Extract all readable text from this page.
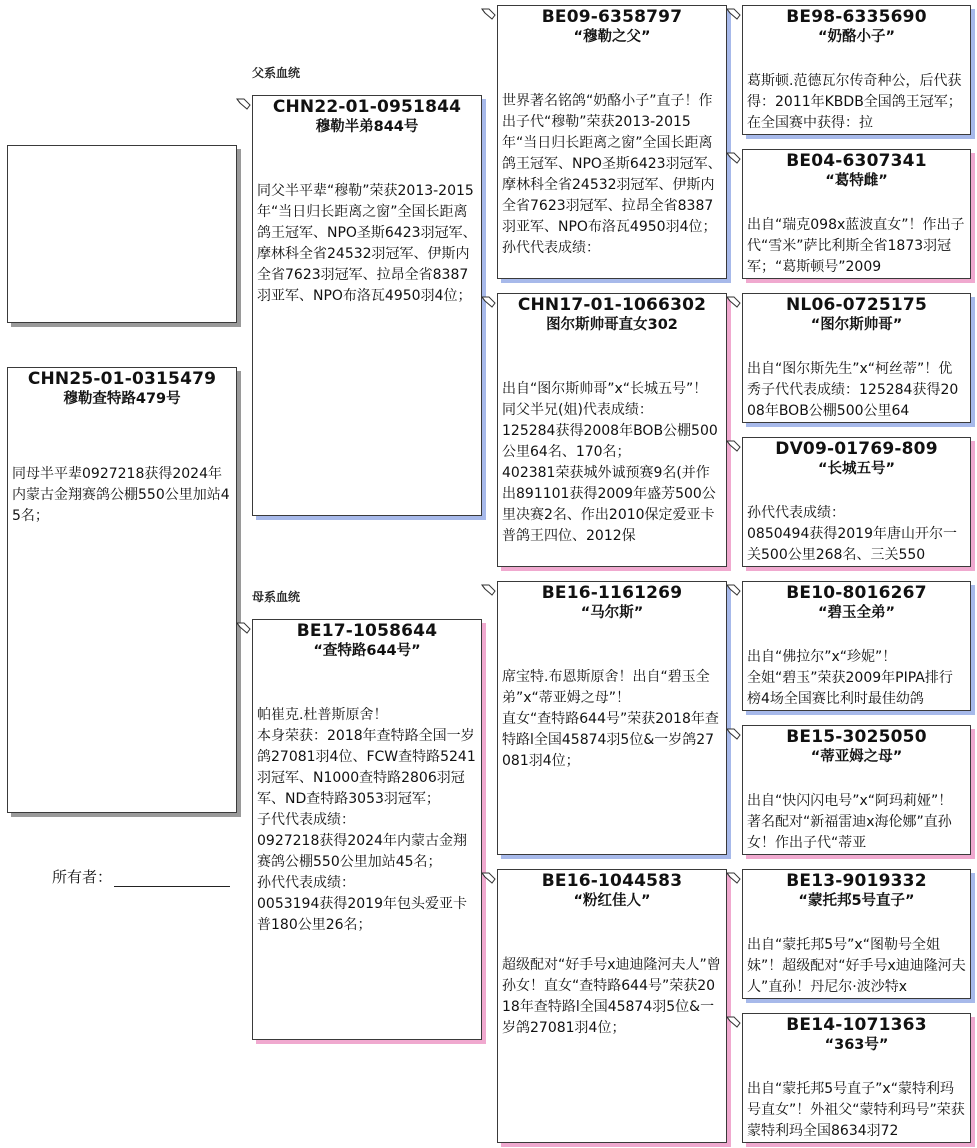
CHN25-01-0315479
穆勒查特路479号
同母半平辈0927218获得2024年内蒙古金翔赛鸽公棚550公里加站45名；
所有者：
父系血统
母系血统
CHN22-01-0951844
穆勒半弟844号
同父半平辈“穆勒”荣获2013-2015年“当日归长距离之窗”全国长距离鸽王冠军、NPO圣斯6423羽冠军、摩林科全省24532羽冠军、伊斯内全省7623羽冠军、拉昂全省8387羽亚军、NPO布洛瓦4950羽4位；
BE17-1058644
“查特路644号”
帕崔克.杜普斯原舍！
本身荣获：2018年查特路全国一岁鸽27081羽4位、FCW查特路5241羽冠军、N1000查特路2806羽冠军、ND查特路3053羽冠军；
子代代表成绩：
0927218获得2024年内蒙古金翔赛鸽公棚550公里加站45名；
孙代代表成绩：
0053194获得2019年包头爱亚卡普180公里26名；
BE09-6358797
“穆勒之父”
世界著名铭鸽“奶酪小子”直子！作出子代“穆勒”荣获2013-2015年“当日归长距离之窗”全国长距离鸽王冠军、NPO圣斯6423羽冠军、摩林科全省24532羽冠军、伊斯内全省7623羽冠军、拉昂全省8387羽亚军、NPO布洛瓦4950羽4位；
孙代代表成绩：
CHN17-01-1066302
图尔斯帅哥直女302
出自“图尔斯帅哥”x“长城五号”！
同父半兄(姐)代表成绩：
125284获得2008年BOB公棚500公里64名、170名；
402381荣获城外诚预赛9名(并作出891101获得2009年盛芳500公里决赛2名、作出2010保定爱亚卡普鸽王四位、2012保
BE16-1161269
“马尔斯”
席宝特.布恩斯原舍！出自“碧玉全弟”x“蒂亚姆之母”！
直女“查特路644号”荣获2018年查特路l全国45874羽5位&一岁鸽27081羽4位；
BE16-1044583
“粉红佳人”
超级配对“好手号x迪迪隆河夫人”曾孙女！直女“查特路644号”荣获2018年查特路l全国45874羽5位&一岁鸽27081羽4位；
BE98-6335690
“奶酪小子”
葛斯顿.范德瓦尔传奇种公，后代获得：2011年KBDB全国鸽王冠军；在全国赛中获得：拉
BE04-6307341
“葛特雌”
出自“瑞克098x蓝波直女”！作出子代“雪米”萨比利斯全省1873羽冠军；“葛斯顿号”2009
NL06-0725175
“图尔斯帅哥”
出自“图尔斯先生”x“柯丝蒂”！优秀子代代表成绩：125284获得2008年BOB公棚500公里64
DV09-01769-809
“长城五号”
孙代代表成绩：
0850494获得2019年唐山开尔一关500公里268名、三关550
BE10-8016267
“碧玉全弟”
出自“佛拉尔”x“珍妮”！
全姐“碧玉”荣获2009年PIPA排行榜4场全国赛比利时最佳幼鸽
BE15-3025050
“蒂亚姆之母”
出自“快闪闪电号”x“阿玛莉娅”！著名配对“新福雷迪x海伦娜”直孙女！作出子代“蒂亚
BE13-9019332
“蒙托邦5号直子”
出自“蒙托邦5号”x“图勒号全姐妹”！超级配对“好手号x迪迪隆河夫人”直孙！丹尼尔·波沙特x
BE14-1071363
“363号”
出自“蒙托邦5号直子”x“蒙特利玛号直女”！外祖父“蒙特利玛号”荣获蒙特利玛全国8634羽72
